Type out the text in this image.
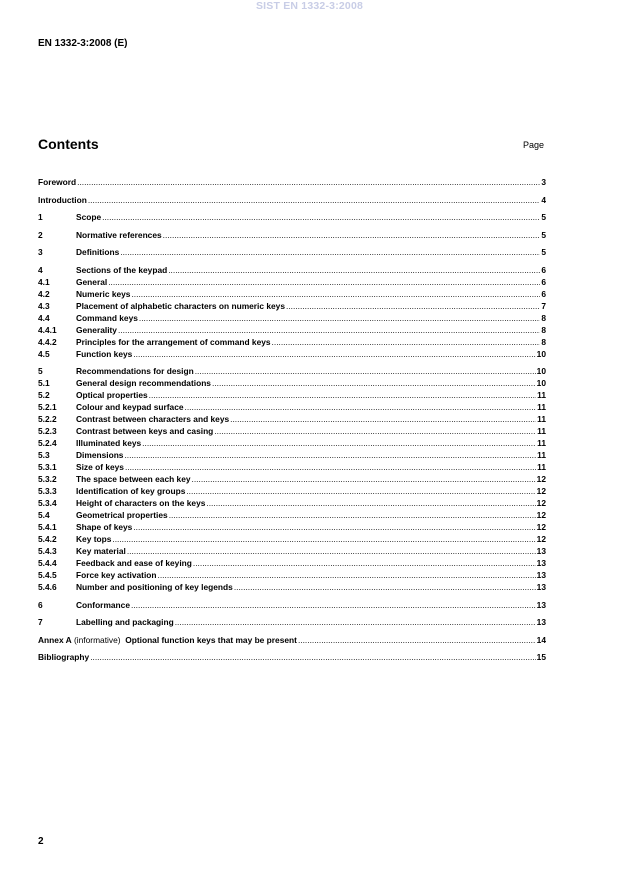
SIST EN 1332-3:2008
EN 1332-3:2008 (E)
Contents	Page
Foreword .....	3
Introduction .....	4
1	Scope .....	5
2	Normative references .....	5
3	Definitions .....	5
4	Sections of the keypad .....	6
4.1	General .....	6
4.2	Numeric keys .....	6
4.3	Placement of alphabetic characters on numeric keys .....	7
4.4	Command keys .....	8
4.4.1	Generality .....	8
4.4.2	Principles for the arrangement of command keys .....	8
4.5	Function keys .....	10
5	Recommendations for design .....	10
5.1	General design recommendations .....	10
5.2	Optical properties .....	11
5.2.1	Colour and keypad surface .....	11
5.2.2	Contrast between characters and keys .....	11
5.2.3	Contrast between keys and casing .....	11
5.2.4	Illuminated keys .....	11
5.3	Dimensions .....	11
5.3.1	Size of keys .....	11
5.3.2	The space between each key .....	12
5.3.3	Identification of key groups .....	12
5.3.4	Height of characters on the keys .....	12
5.4	Geometrical properties .....	12
5.4.1	Shape of keys .....	12
5.4.2	Key tops .....	12
5.4.3	Key material .....	13
5.4.4	Feedback and ease of keying .....	13
5.4.5	Force key activation .....	13
5.4.6	Number and positioning of key legends .....	13
6	Conformance .....	13
7	Labelling and packaging .....	13
Annex A (informative)  Optional function keys that may be present .....	14
Bibliography .....	15
2
